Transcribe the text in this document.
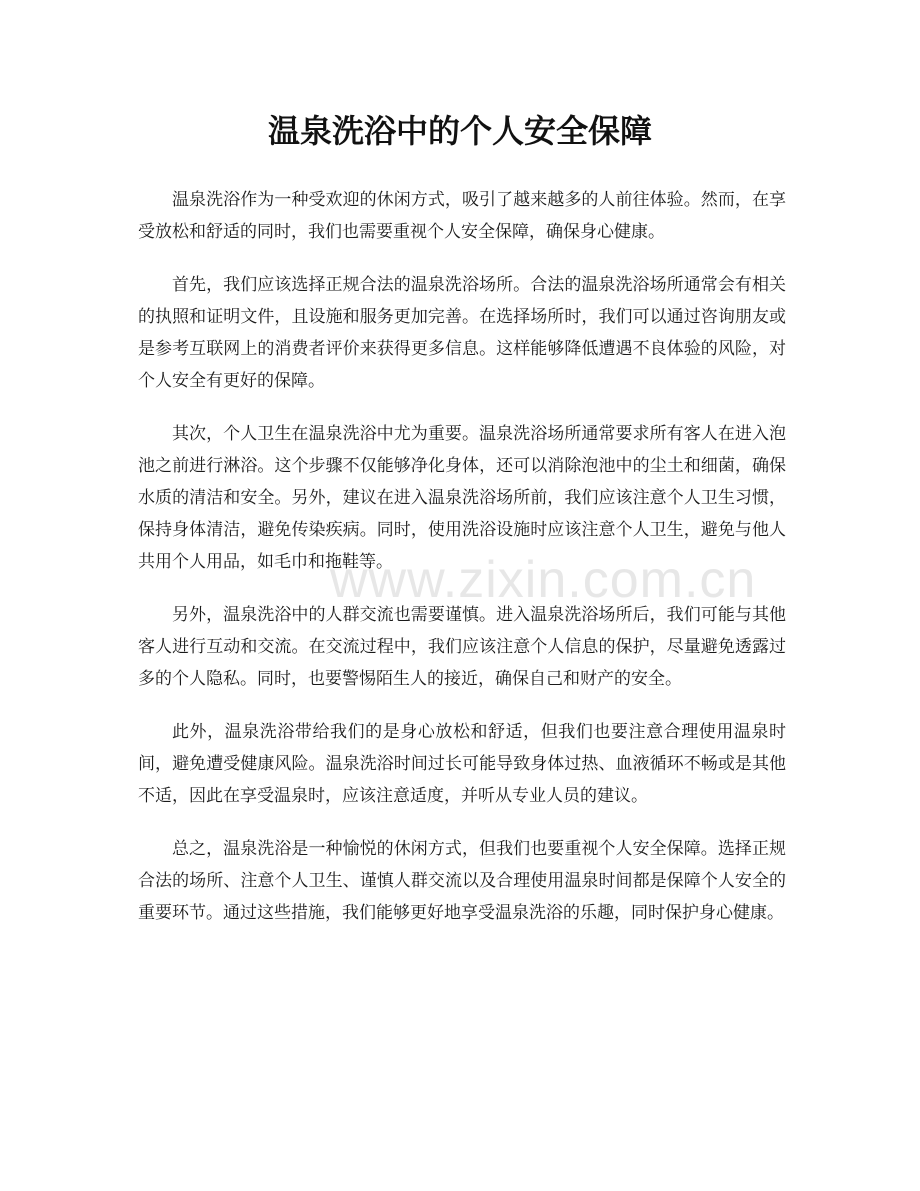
温泉洗浴中的个人安全保障
www.zixin.com.cn

温泉洗浴作为一种受欢迎的休闲方式，吸引了越来越多的人前往体验。然而，在享受放松和舒适的同时，我们也需要重视个人安全保障，确保身心健康。

首先，我们应该选择正规合法的温泉洗浴场所。合法的温泉洗浴场所通常会有相关的执照和证明文件，且设施和服务更加完善。在选择场所时，我们可以通过咨询朋友或是参考互联网上的消费者评价来获得更多信息。这样能够降低遭遇不良体验的风险，对个人安全有更好的保障。

其次，个人卫生在温泉洗浴中尤为重要。温泉洗浴场所通常要求所有客人在进入泡池之前进行淋浴。这个步骤不仅能够净化身体，还可以消除泡池中的尘土和细菌，确保水质的清洁和安全。另外，建议在进入温泉洗浴场所前，我们应该注意个人卫生习惯，保持身体清洁，避免传染疾病。同时，使用洗浴设施时应该注意个人卫生，避免与他人共用个人用品，如毛巾和拖鞋等。

另外，温泉洗浴中的人群交流也需要谨慎。进入温泉洗浴场所后，我们可能与其他客人进行互动和交流。在交流过程中，我们应该注意个人信息的保护，尽量避免透露过多的个人隐私。同时，也要警惕陌生人的接近，确保自己和财产的安全。

此外，温泉洗浴带给我们的是身心放松和舒适，但我们也要注意合理使用温泉时间，避免遭受健康风险。温泉洗浴时间过长可能导致身体过热、血液循环不畅或是其他不适，因此在享受温泉时，应该注意适度，并听从专业人员的建议。

总之，温泉洗浴是一种愉悦的休闲方式，但我们也要重视个人安全保障。选择正规合法的场所、注意个人卫生、谨慎人群交流以及合理使用温泉时间都是保障个人安全的重要环节。通过这些措施，我们能够更好地享受温泉洗浴的乐趣，同时保护身心健康。
